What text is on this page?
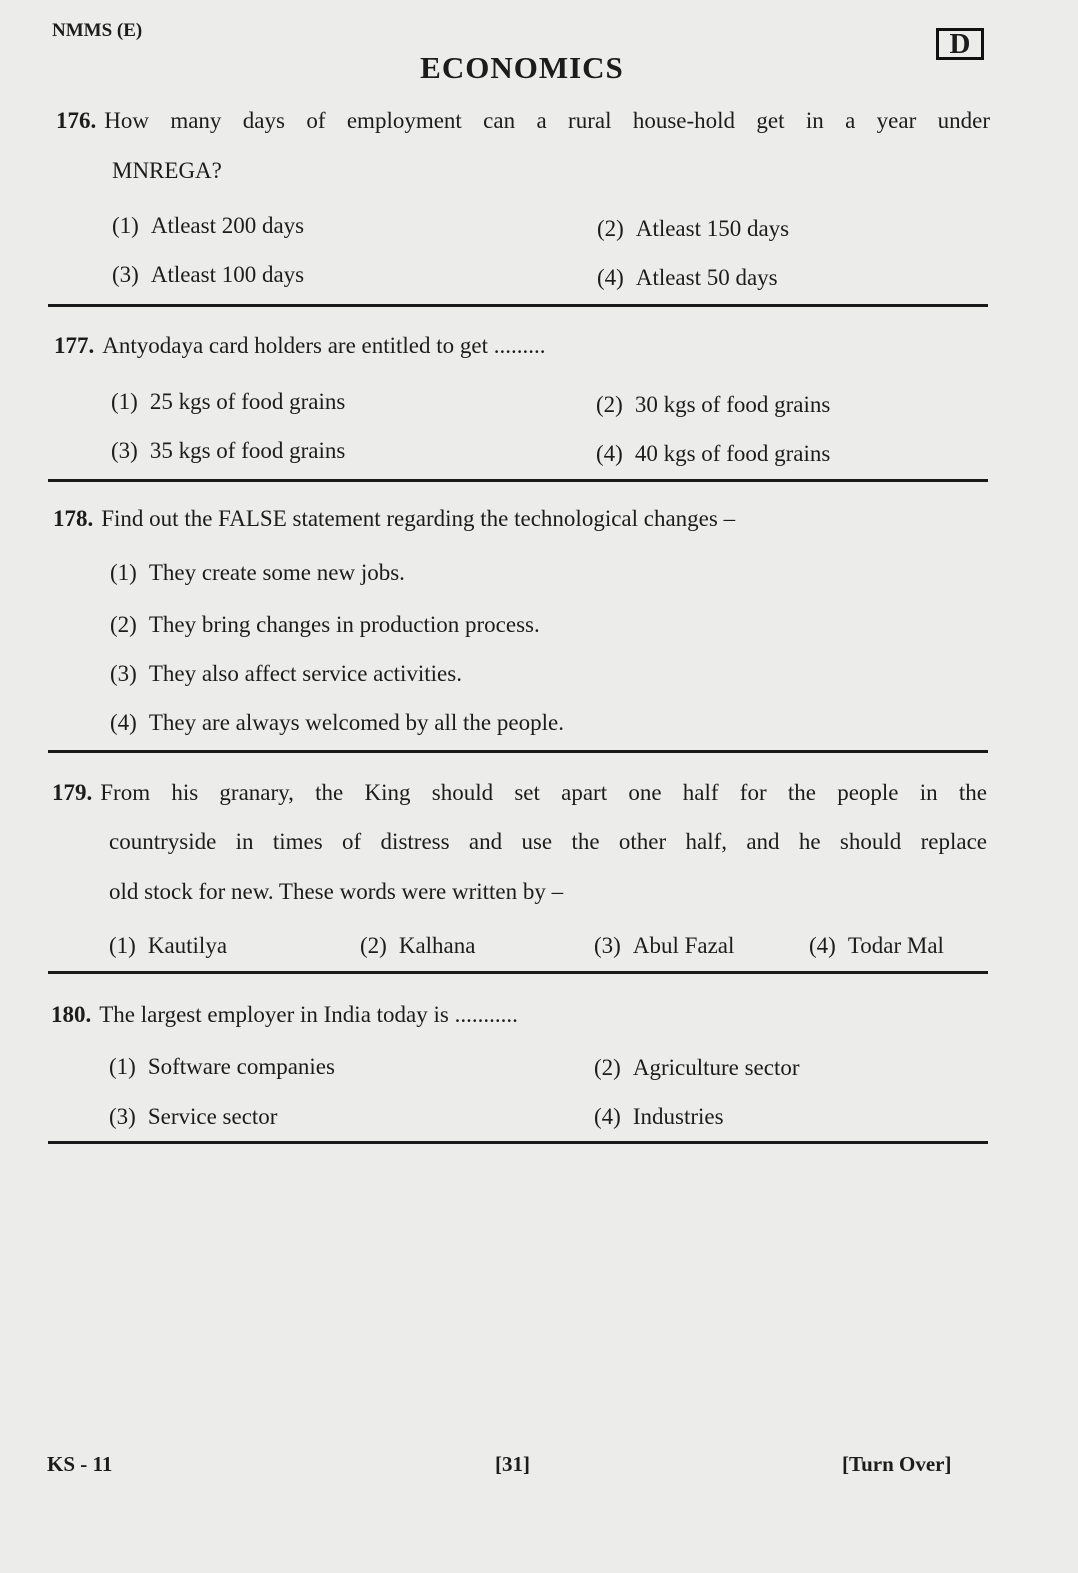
NMMS (E)
ECONOMICS
D
176. How many days of employment can a rural house-hold get in a year under
MNREGA?
(1) Atleast 200 days	(2) Atleast 150 days
(3) Atleast 100 days	(4) Atleast 50 days
177. Antyodaya card holders are entitled to get .........
(1) 25 kgs of food grains	(2) 30 kgs of food grains
(3) 35 kgs of food grains	(4) 40 kgs of food grains
178. Find out the FALSE statement regarding the technological changes –
(1) They create some new jobs.
(2) They bring changes in production process.
(3) They also affect service activities.
(4) They are always welcomed by all the people.
179. From his granary, the King should set apart one half for the people in the
countryside in times of distress and use the other half, and he should replace
old stock for new. These words were written by –
(1) Kautilya	(2) Kalhana	(3) Abul Fazal	(4) Todar Mal
180. The largest employer in India today is ...........
(1) Software companies	(2) Agriculture sector
(3) Service sector	(4) Industries
KS - 11	[31]	[Turn Over]
